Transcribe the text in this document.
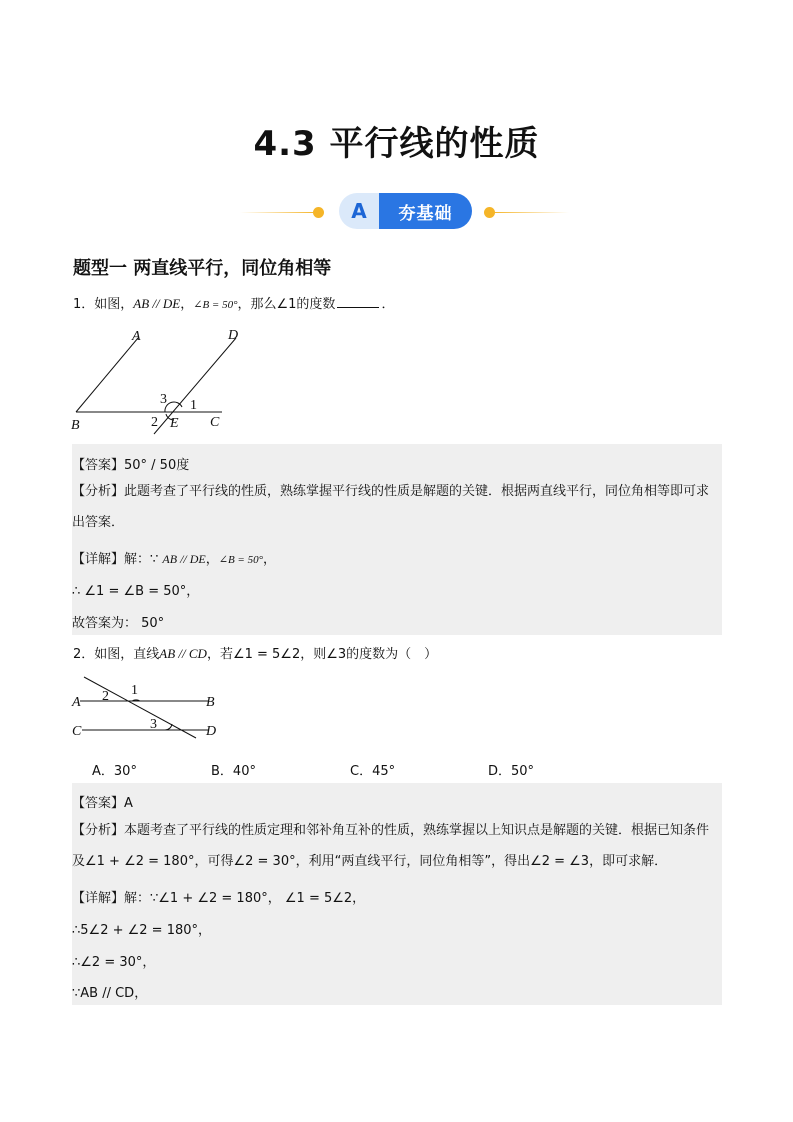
4.3 平行线的性质
A	夯基础
题型一 两直线平行，同位角相等
1．如图，AB // DE，∠B = 50°，那么∠1的度数	．
A	D
B	E C
1
2
3
【答案】50° / 50度
【分析】此题考查了平行线的性质，熟练掌握平行线的性质是解题的关键．根据两直线平行，同位角相等即可求出答案．
【详解】解：∵ AB // DE，∠B = 50°，
∴ ∠1 = ∠B = 50°，
故答案为： 50°
2．如图，直线AB // CD，若∠1 = 5∠2，则∠3的度数为（　）
A	B
C	D
1
2
3
A．30°	B．40°	C．45°	D．50°
【答案】A
【分析】本题考查了平行线的性质定理和邻补角互补的性质，熟练掌握以上知识点是解题的关键．根据已知条件及∠1 + ∠2 = 180°，可得∠2 = 30°，利用“两直线平行，同位角相等”，得出∠2 = ∠3，即可求解．
【详解】解：∵∠1 + ∠2 = 180°， ∠1 = 5∠2，
∴5∠2 + ∠2 = 180°，
∴∠2 = 30°，
∵AB // CD，
